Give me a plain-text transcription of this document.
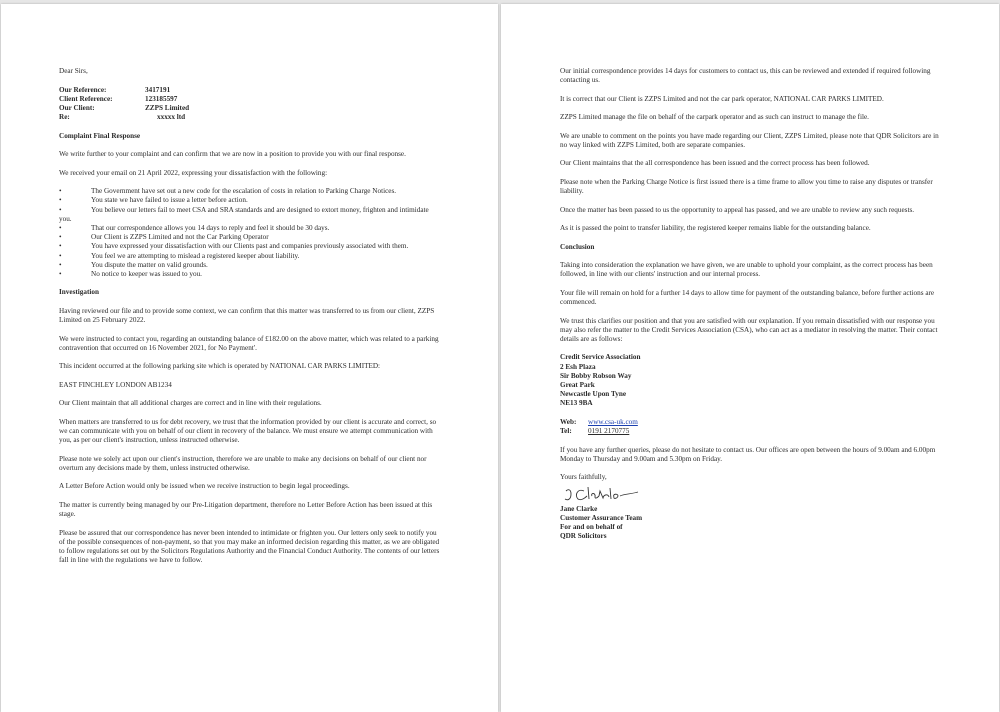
Dear Sirs,

Our Reference:	3417191
Client Reference:	123185597
Our Client:	ZZPS Limited
Re:	xxxxx ltd
Complaint Final Response

We write further to your complaint and can confirm that we are now in a position to provide you with our final response.

We received your email on 21 April 2022, expressing your dissatisfaction with the following:

•	The Government have set out a new code for the escalation of costs in relation to Parking Charge Notices.
•	You state we have failed to issue a letter before action.
•	You believe our letters fail to meet CSA and SRA standards and are designed to extort money, frighten and intimidate you.
•	That our correspondence allows you 14 days to reply and feel it should be 30 days.
•	Our Client is ZZPS Limited and not the Car Parking Operator
•	You have expressed your dissatisfaction with our Clients past and companies previously associated with them.
•	You feel we are attempting to mislead a registered keeper about liability.
•	You dispute the matter on valid grounds.
•	No notice to keeper was issued to you.
Investigation

Having reviewed our file and to provide some context, we can confirm that this matter was transferred to us from our client, ZZPS Limited on 25 February 2022.

We were instructed to contact you, regarding an outstanding balance of £182.00 on the above matter, which was related to a parking contravention that occurred on 16 November 2021, for No Payment'.

This incident occurred at the following parking site which is operated by NATIONAL CAR PARKS LIMITED:

EAST FINCHLEY LONDON AB1234

Our Client maintain that all additional charges are correct and in line with their regulations.

When matters are transferred to us for debt recovery, we trust that the information provided by our client is accurate and correct, so we can communicate with you on behalf of our client in recovery of the balance. We must ensure we attempt communication with you, as per our client's instruction, unless instructed otherwise.

Please note we solely act upon our client's instruction, therefore we are unable to make any decisions on behalf of our client nor overturn any decisions made by them, unless instructed otherwise.

A Letter Before Action would only be issued when we receive instruction to begin legal proceedings.

The matter is currently being managed by our Pre-Litigation department, therefore no Letter Before Action has been issued at this stage.

Please be assured that our correspondence has never been intended to intimidate or frighten you. Our letters only seek to notify you of the possible consequences of non-payment, so that you may make an informed decision regarding this matter, as we are obligated to follow regulations set out by the Solicitors Regulations Authority and the Financial Conduct Authority. The contents of our letters fall in line with the regulations we have to follow.

Our initial correspondence provides 14 days for customers to contact us, this can be reviewed and extended if required following contacting us.

It is correct that our Client is ZZPS Limited and not the car park operator, NATIONAL CAR PARKS LIMITED.

ZZPS Limited manage the file on behalf of the carpark operator and as such can instruct to manage the file.

We are unable to comment on the points you have made regarding our Client, ZZPS Limited, please note that QDR Solicitors are in no way linked with ZZPS Limited, both are separate companies.

Our Client maintains that the all correspondence has been issued and the correct process has been followed.

Please note when the Parking Charge Notice is first issued there is a time frame to allow you time to raise any disputes or transfer liability.

Once the matter has been passed to us the opportunity to appeal has passed, and we are unable to review any such requests.

As it is passed the point to transfer liability, the registered keeper remains liable for the outstanding balance.

Conclusion

Taking into consideration the explanation we have given, we are unable to uphold your complaint, as the correct process has been followed, in line with our clients' instruction and our internal process.

Your file will remain on hold for a further 14 days to allow time for payment of the outstanding balance, before further actions are commenced.

We trust this clarifies our position and that you are satisfied with our explanation. If you remain dissatisfied with our response you may also refer the matter to the Credit Services Association (CSA), who can act as a mediator in resolving the matter. Their contact details are as follows:

Credit Service Association
2 Esh Plaza
Sir Bobby Robson Way
Great Park
Newcastle Upon Tyne
NE13 9BA
Web:	www.csa-uk.com
Tel:	0191 2170775

If you have any further queries, please do not hesitate to contact us. Our offices are open between the hours of 9.00am and 6.00pm Monday to Thursday and 9.00am and 5.30pm on Friday.

Yours faithfully,

Jane Clarke
Customer Assurance Team
For and on behalf of
QDR Solicitors
